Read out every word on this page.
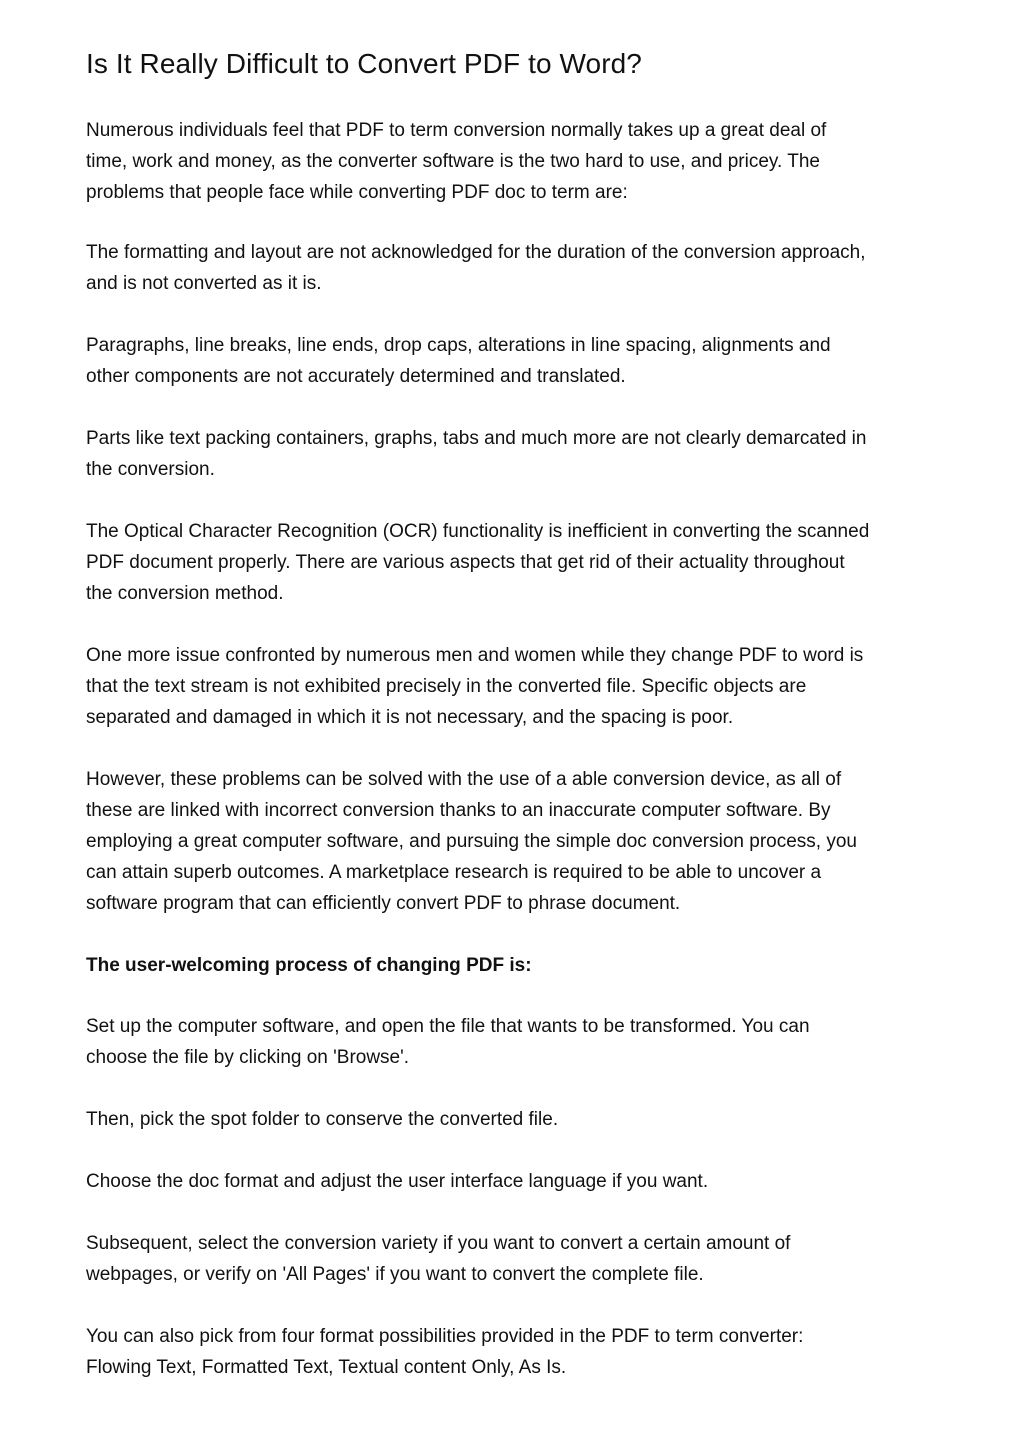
Is It Really Difficult to Convert PDF to Word?

Numerous individuals feel that PDF to term conversion normally takes up a great deal of
time, work and money, as the converter software is the two hard to use, and pricey. The
problems that people face while converting PDF doc to term are:

The formatting and layout are not acknowledged for the duration of the conversion approach,
and is not converted as it is.

Paragraphs, line breaks, line ends, drop caps, alterations in line spacing, alignments and
other components are not accurately determined and translated.

Parts like text packing containers, graphs, tabs and much more are not clearly demarcated in
the conversion.

The Optical Character Recognition (OCR) functionality is inefficient in converting the scanned
PDF document properly. There are various aspects that get rid of their actuality throughout
the conversion method.

One more issue confronted by numerous men and women while they change PDF to word is
that the text stream is not exhibited precisely in the converted file. Specific objects are
separated and damaged in which it is not necessary, and the spacing is poor.

However, these problems can be solved with the use of a able conversion device, as all of
these are linked with incorrect conversion thanks to an inaccurate computer software. By
employing a great computer software, and pursuing the simple doc conversion process, you
can attain superb outcomes. A marketplace research is required to be able to uncover a
software program that can efficiently convert PDF to phrase document.

The user-welcoming process of changing PDF is:

Set up the computer software, and open the file that wants to be transformed. You can
choose the file by clicking on 'Browse'.

Then, pick the spot folder to conserve the converted file.

Choose the doc format and adjust the user interface language if you want.

Subsequent, select the conversion variety if you want to convert a certain amount of
webpages, or verify on 'All Pages' if you want to convert the complete file.

You can also pick from four format possibilities provided in the PDF to term converter:
Flowing Text, Formatted Text, Textual content Only, As Is.
